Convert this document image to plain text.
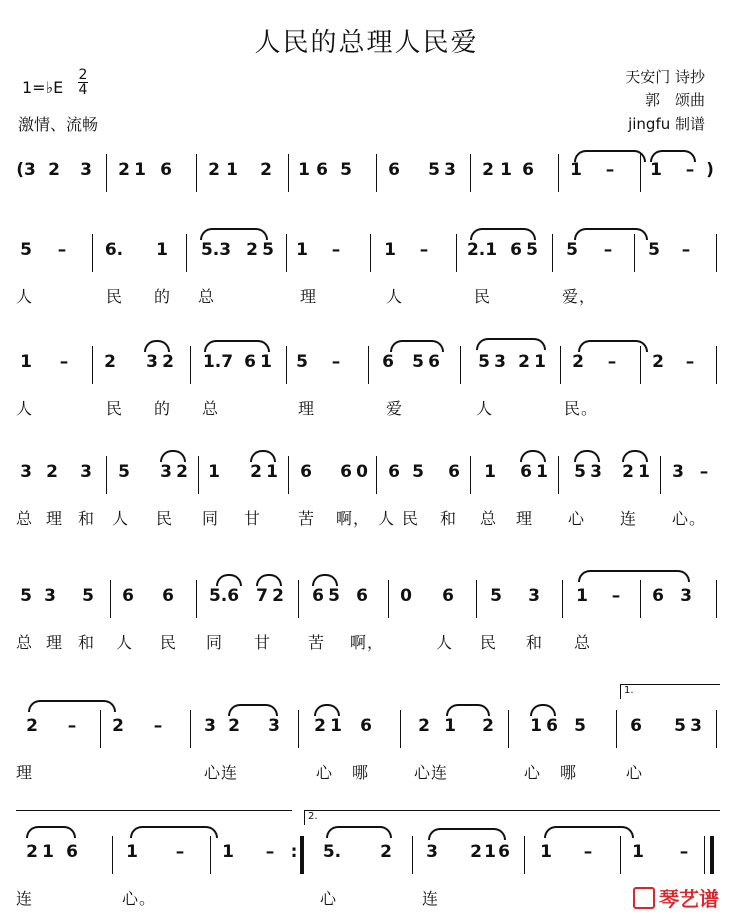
人民的总理人民爱
1=♭E
2
4
激情、流畅
天安门 诗抄
郭　颂曲
jingfu 制谱
(3 2 3 2 1 6 2 1 2 1 6 5 6 5 3 2 1 6 1	–	1	– )
5	–	6. 1 5.3 2 5 1	–	1	–	2.1 6 5 5	–	5	–
人	民 的 总	理	人	民	爱，
1	–	2 3 2 1.7 6 1 5	–	6 5 6 5 3 2 1 2	–	2	–
人	民 的 总	理	爱	人	民。
3 2 3 5 3 2 1 2 1 6 6 0 6 5 6 1 6 1 5 3 2 1 3 –
总 理 和 人 民 同 甘 苦 啊， 人 民 和 总 理 心 连 心。
5 3 5 6 6 5.6 7 2 6 5 6 0 6 5 3 1	–	6 3
总 理 和 人 民 同 甘 苦 啊，	人 民 和 总
1.
2	–	2	–	3 2 3 2 1 6	2 1 2 1 6 5	6 5 3
理	心连	心 哪	心连	心 哪	心
2.
2 1 6	1	–	1	– :	5. 2 3 2 1 6 1	–	1	–
连	心。	心	连	琴艺谱
